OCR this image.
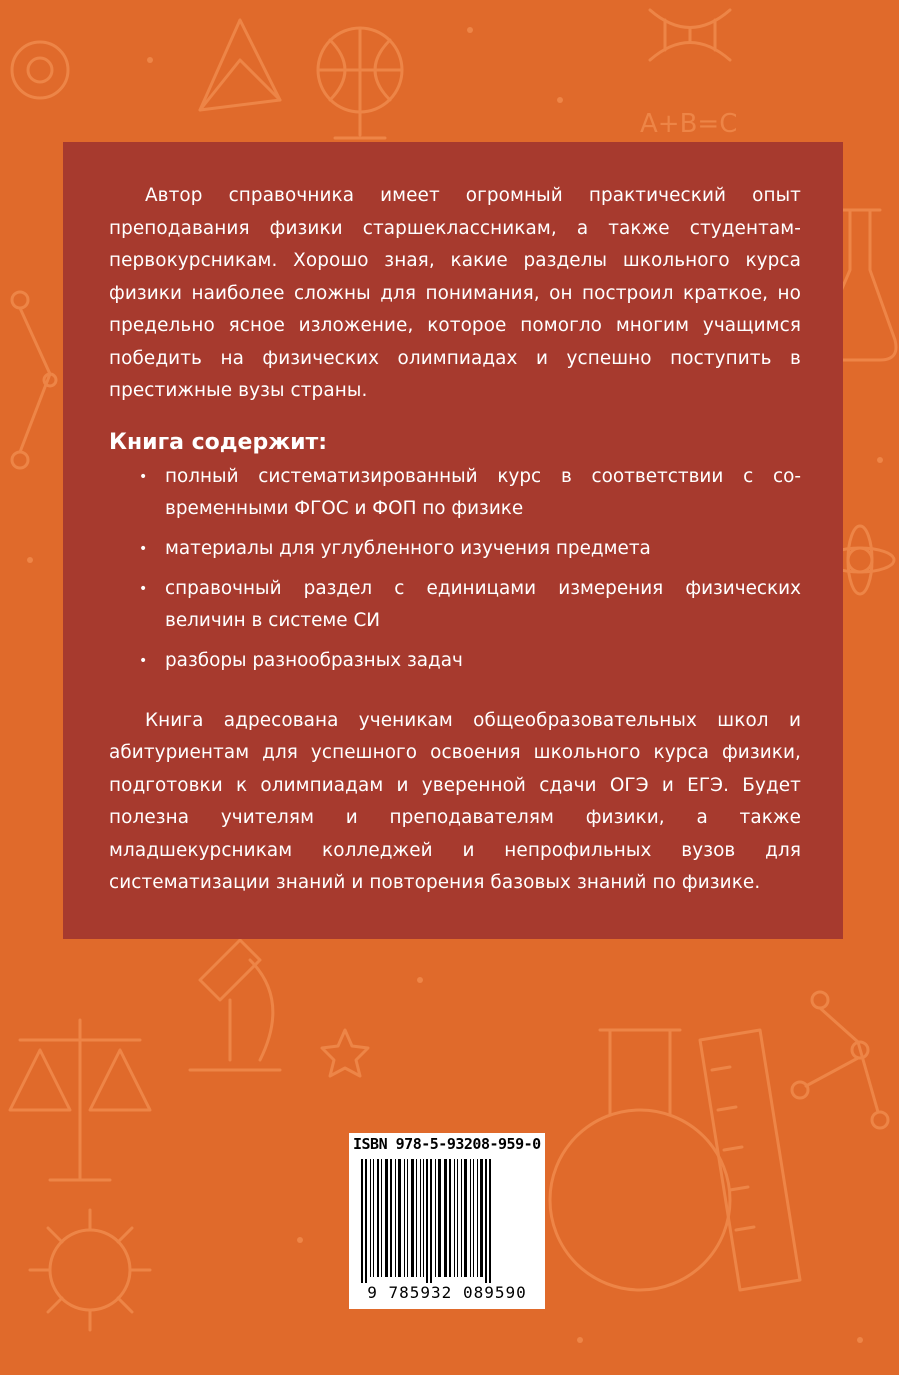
A+B=C

Автор справочника имеет огромный практический опыт преподавания физики старшеклассникам, а также студентам-первокурсникам. Хорошо зная, какие разделы школьного курса физики наиболее сложны для понимания, он построил краткое, но предельно ясное изложение, которое помогло многим учащимся победить на физических олимпиадах и успешно поступить в престижные вузы страны.

Книга содержит:
• полный систематизированный курс в соответствии с современными ФГОС и ФОП по физике
• материалы для углубленного изучения предмета
• справочный раздел с единицами измерения физических величин в системе СИ
• разборы разнообразных задач

Книга адресована ученикам общеобразовательных школ и абитуриентам для успешного освоения школьного курса физики, подготовки к олимпиадам и уверенной сдачи ОГЭ и ЕГЭ. Будет полезна учителям и преподавателям физики, а также младшекурсникам колледжей и непрофильных вузов для систематизации знаний и повторения базовых знаний по физике.

ISBN 978-5-93208-959-0
9 785932 089590
